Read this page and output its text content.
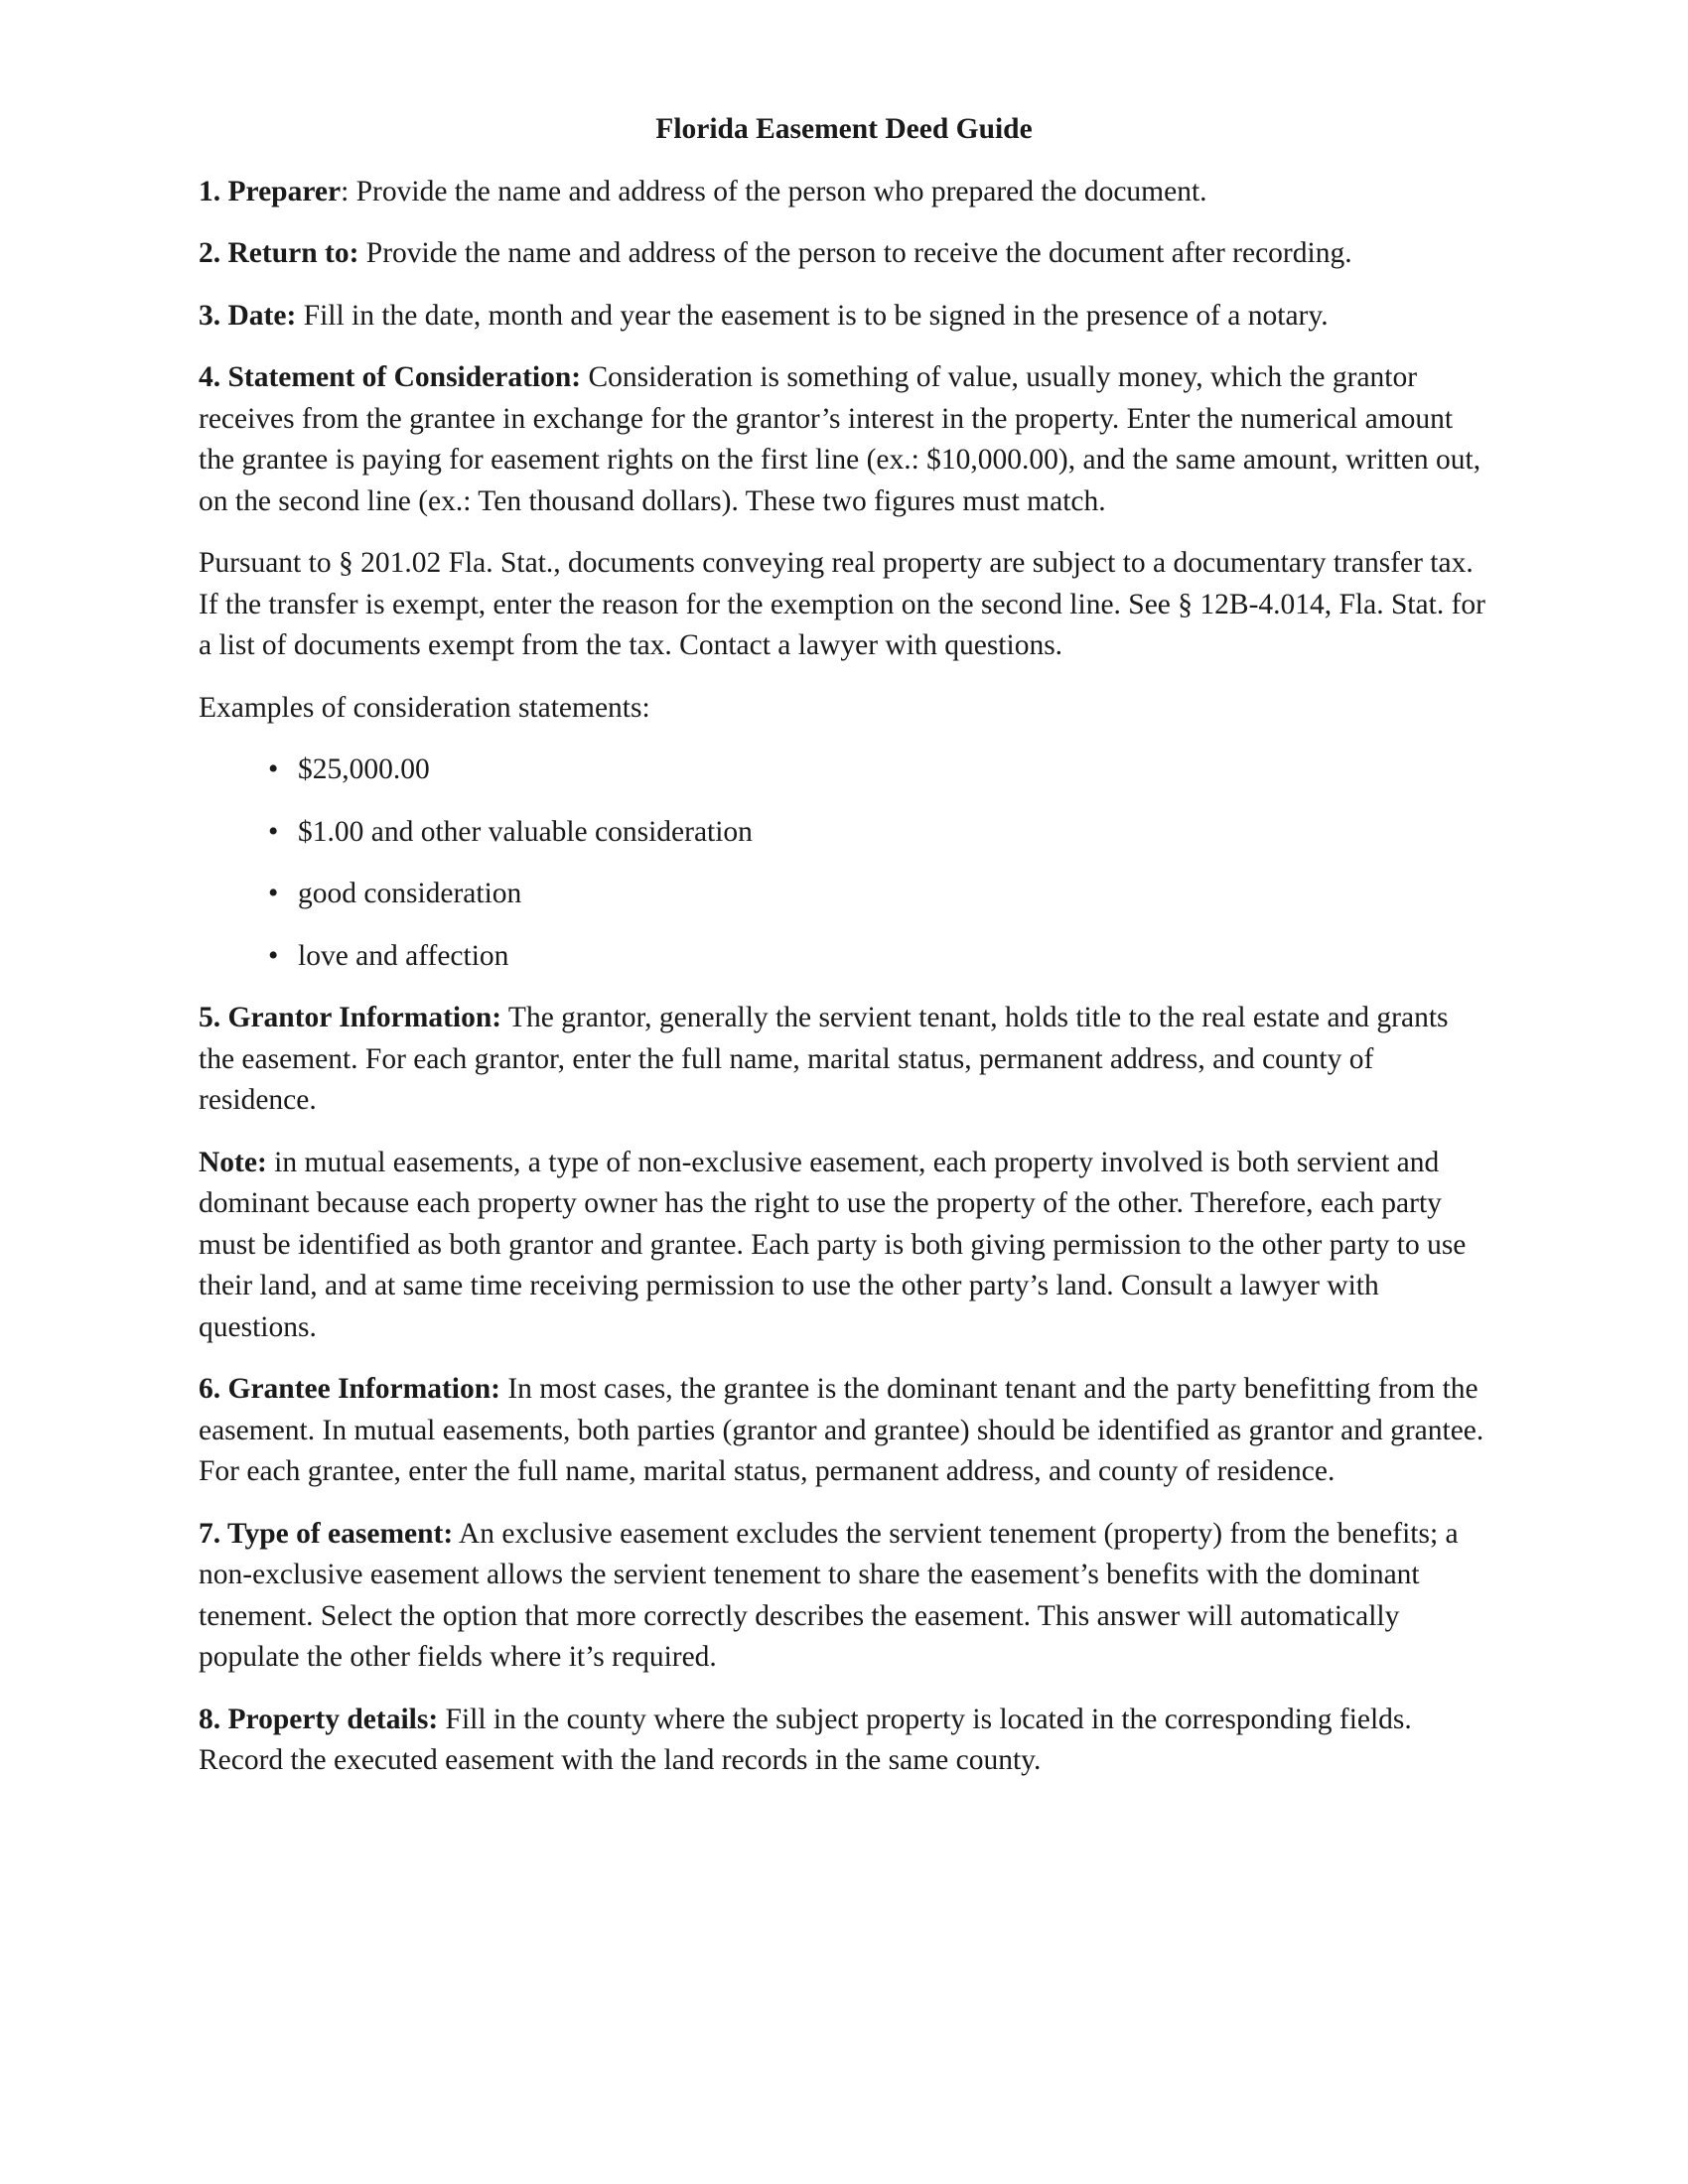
Florida Easement Deed Guide

1. Preparer: Provide the name and address of the person who prepared the document.

2. Return to: Provide the name and address of the person to receive the document after recording.

3. Date: Fill in the date, month and year the easement is to be signed in the presence of a notary.

4. Statement of Consideration: Consideration is something of value, usually money, which the grantor receives from the grantee in exchange for the grantor’s interest in the property. Enter the numerical amount the grantee is paying for easement rights on the first line (ex.: $10,000.00), and the same amount, written out, on the second line (ex.: Ten thousand dollars). These two figures must match.

Pursuant to § 201.02 Fla. Stat., documents conveying real property are subject to a documentary transfer tax. If the transfer is exempt, enter the reason for the exemption on the second line. See § 12B-4.014, Fla. Stat. for a list of documents exempt from the tax. Contact a lawyer with questions.

Examples of consideration statements:

• $25,000.00
• $1.00 and other valuable consideration
• good consideration
• love and affection

5. Grantor Information: The grantor, generally the servient tenant, holds title to the real estate and grants the easement. For each grantor, enter the full name, marital status, permanent address, and county of residence.

Note: in mutual easements, a type of non-exclusive easement, each property involved is both servient and dominant because each property owner has the right to use the property of the other. Therefore, each party must be identified as both grantor and grantee. Each party is both giving permission to the other party to use their land, and at same time receiving permission to use the other party’s land. Consult a lawyer with questions.

6. Grantee Information: In most cases, the grantee is the dominant tenant and the party benefitting from the easement. In mutual easements, both parties (grantor and grantee) should be identified as grantor and grantee. For each grantee, enter the full name, marital status, permanent address, and county of residence.

7. Type of easement: An exclusive easement excludes the servient tenement (property) from the benefits; a non-exclusive easement allows the servient tenement to share the easement’s benefits with the dominant tenement. Select the option that more correctly describes the easement. This answer will automatically populate the other fields where it’s required.

8. Property details: Fill in the county where the subject property is located in the corresponding fields. Record the executed easement with the land records in the same county.
